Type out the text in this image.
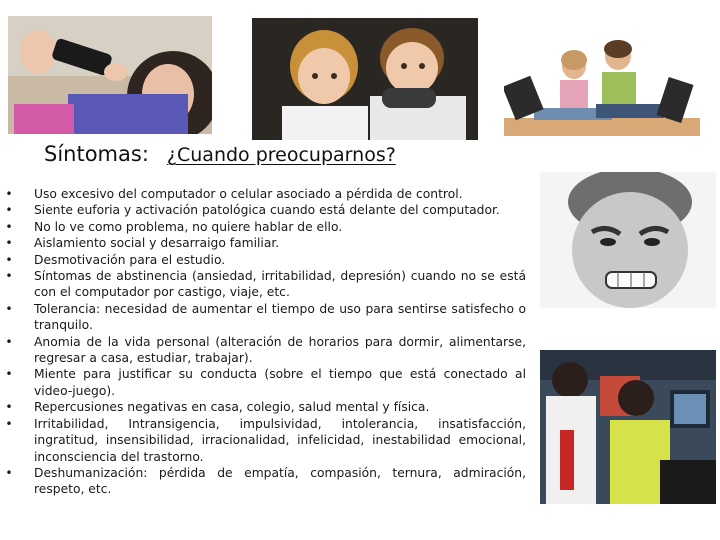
Síntomas: ¿Cuando preocuparnos?
• Uso excesivo del computador o celular asociado a pérdida de control.
• Siente euforia y activación patológica cuando está delante del computador.
• No lo ve como problema, no quiere hablar de ello.
• Aislamiento social y desarraigo familiar.
• Desmotivación para el estudio.
• Síntomas de abstinencia (ansiedad, irritabilidad, depresión) cuando no se está con el computador por castigo, viaje, etc.
• Tolerancia: necesidad de aumentar el tiempo de uso para sentirse satisfecho o tranquilo.
• Anomia de la vida personal (alteración de horarios para dormir, alimentarse, regresar a casa, estudiar, trabajar).
• Miente para justificar su conducta (sobre el tiempo que está conectado al video-juego).
• Repercusiones negativas en casa, colegio, salud mental y física.
• Irritabilidad, Intransigencia, impulsividad, intolerancia, insatisfacción, ingratitud, insensibilidad, irracionalidad, infelicidad, inestabilidad emocional, inconsciencia del trastorno.
• Deshumanización: pérdida de empatía, compasión, ternura, admiración, respeto, etc.
